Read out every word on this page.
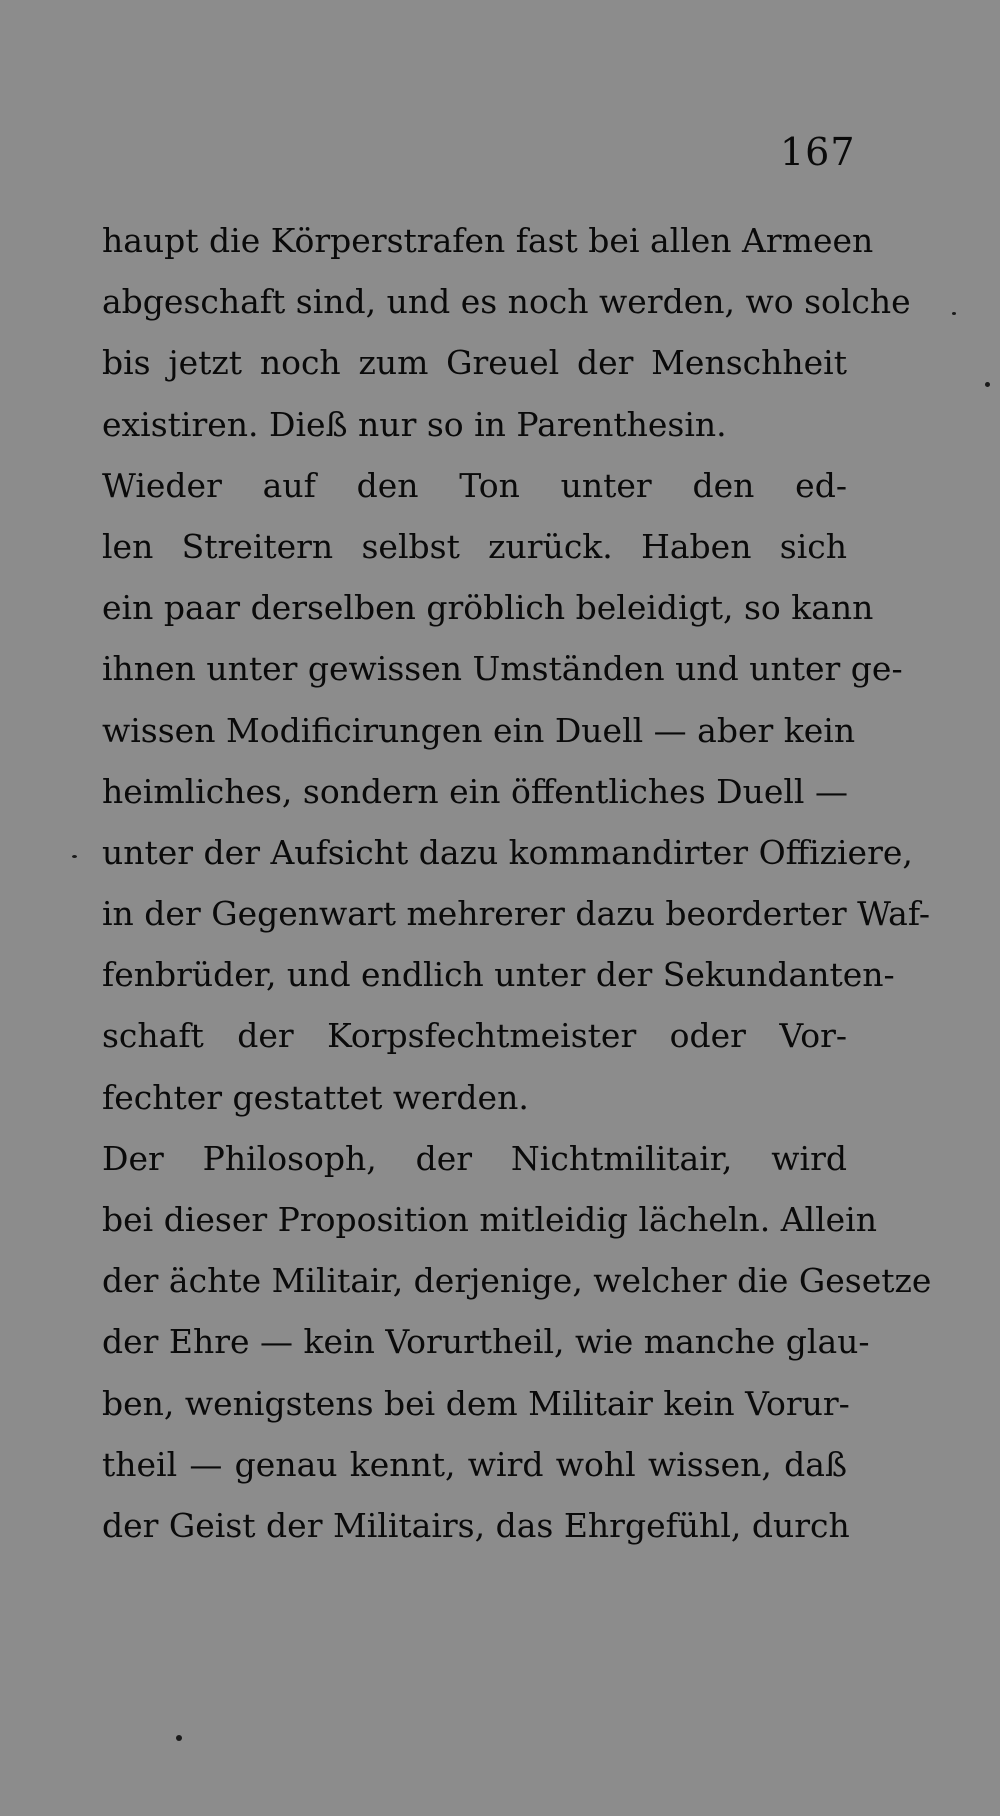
167
haupt die Körperstrafen fast bei allen Armeen
abgeschaft sind, und es noch werden, wo solche
bis jetzt noch zum Greuel der Menschheit
existiren. Dieß nur so in Parenthesin.
Wieder auf den Ton unter den ed-
len Streitern selbst zurück. Haben sich
ein paar derselben gröblich beleidigt, so kann
ihnen unter gewissen Umständen und unter ge-
wissen Modificirungen ein Duell — aber kein
heimliches, sondern ein öffentliches Duell —
unter der Aufsicht dazu kommandirter Offiziere,
in der Gegenwart mehrerer dazu beorderter Waf-
fenbrüder, und endlich unter der Sekundanten-
schaft der Korpsfechtmeister oder Vor-
fechter gestattet werden.
Der Philosoph, der Nichtmilitair, wird
bei dieser Proposition mitleidig lächeln. Allein
der ächte Militair, derjenige, welcher die Gesetze
der Ehre — kein Vorurtheil, wie manche glau-
ben, wenigstens bei dem Militair kein Vorur-
theil — genau kennt, wird wohl wissen, daß
der Geist der Militairs, das Ehrgefühl, durch
